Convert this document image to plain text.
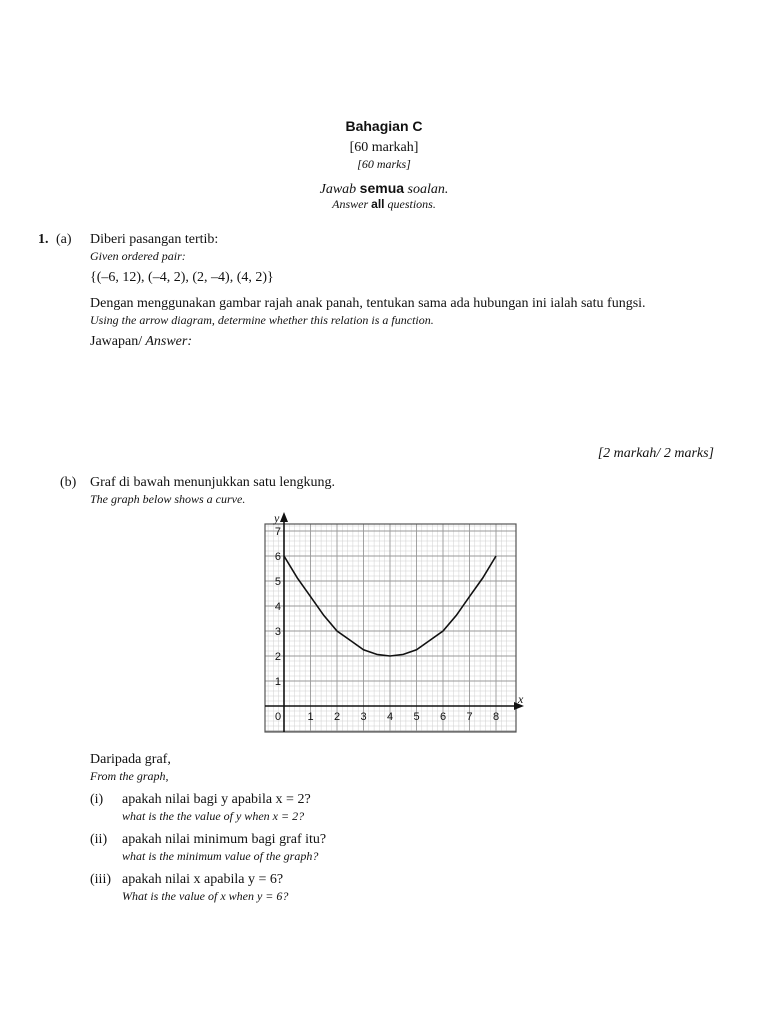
Bahagian C
[60 markah]
[60 marks]
Jawab semua soalan.
Answer all questions.
1. (a) Diberi pasangan tertib:
Given ordered pair:
{(–6, 12), (–4, 2), (2, –4), (4, 2)}
Dengan menggunakan gambar rajah anak panah, tentukan sama ada hubungan ini ialah satu fungsi.
Using the arrow diagram, determine whether this relation is a function.
Jawapan/ Answer:
[2 markah/ 2 marks]
(b) Graf di bawah menunjukkan satu lengkung.
The graph below shows a curve.
x
y
0 1 2 3 4 5 6 7 8
1
2
3
4
5
6
7
Daripada graf,
From the graph,
(i) apakah nilai bagi y apabila x = 2?
what is the the value of y when x = 2?
(ii) apakah nilai minimum bagi graf itu?
what is the minimum value of the graph?
(iii) apakah nilai x apabila y = 6?
What is the value of x when y = 6?
